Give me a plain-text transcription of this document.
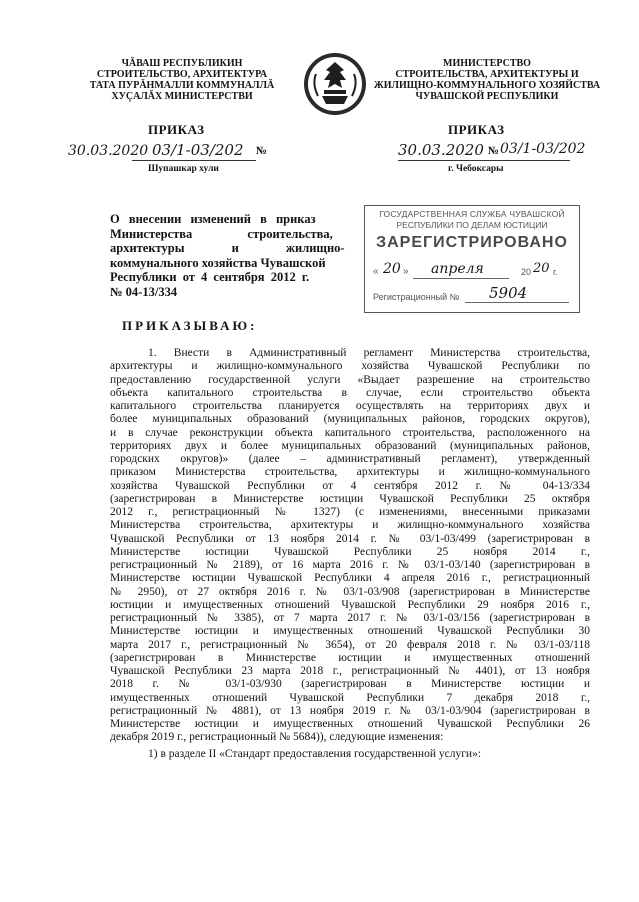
ЧĂВАШ РЕСПУБЛИКИН
СТРОИТЕЛЬСТВО, АРХИТЕКТУРА
ТАТА ПУРĂНМАЛЛИ КОММУНАЛЛĂ
ХУÇАЛĂХ МИНИСТЕРСТВИ
МИНИСТЕРСТВО
СТРОИТЕЛЬСТВА, АРХИТЕКТУРЫ И
ЖИЛИЩНО-КОММУНАЛЬНОГО ХОЗЯЙСТВА
ЧУВАШСКОЙ РЕСПУБЛИКИ
ПРИКАЗ	ПРИКАЗ
30.03.2020 03/1-03/202 №
Шупашкар хули
30.03.2020 № 03/1-03/202
г. Чебоксары
О внесении изменений в приказ
Министерства строительства,
архитектуры и жилищно-
коммунального хозяйства Чувашской
Республики от 4 сентября 2012 г.
№ 04-13/334
ГОСУДАРСТВЕННАЯ СЛУЖБА ЧУВАШСКОЙ
РЕСПУБЛИКИ ПО ДЕЛАМ ЮСТИЦИИ
ЗАРЕГИСТРИРОВАНО
« 20 » апреля	20 20 г.
Регистрационный № 5904
ПРИКАЗЫВАЮ:
1. Внести в Административный регламент Министерства строительства,
архитектуры и жилищно-коммунального хозяйства Чувашской Республики по
предоставлению государственной услуги «Выдает разрешение на строительство
объекта капитального строительства в случае, если строительство объекта
капитального строительства планируется осуществлять на территориях двух и
более муниципальных образований (муниципальных районов, городских округов),
и в случае реконструкции объекта капитального строительства, расположенного на
территориях двух и более муниципальных образований (муниципальных районов,
городских округов)» (далее – административный регламент), утвержденный
приказом Министерства строительства, архитектуры и жилищно-коммунального
хозяйства Чувашской Республики от 4 сентября 2012 г. № 04-13/334
(зарегистрирован в Министерстве юстиции Чувашской Республики 25 октября
2012 г., регистрационный № 1327) (с изменениями, внесенными приказами
Министерства строительства, архитектуры и жилищно-коммунального хозяйства
Чувашской Республики от 13 ноября 2014 г. № 03/1-03/499 (зарегистрирован в
Министерстве юстиции Чувашской Республики 25 ноября 2014 г.,
регистрационный № 2189), от 16 марта 2016 г. № 03/1-03/140 (зарегистрирован в
Министерстве юстиции Чувашской Республики 4 апреля 2016 г., регистрационный
№ 2950), от 27 октября 2016 г. № 03/1-03/908 (зарегистрирован в Министерстве
юстиции и имущественных отношений Чувашской Республики 29 ноября 2016 г.,
регистрационный № 3385), от 7 марта 2017 г. № 03/1-03/156 (зарегистрирован в
Министерстве юстиции и имущественных отношений Чувашской Республики 30
марта 2017 г., регистрационный № 3654), от 20 февраля 2018 г. № 03/1-03/118
(зарегистрирован в Министерстве юстиции и имущественных отношений
Чувашской Республики 23 марта 2018 г., регистрационный № 4401), от 13 ноября
2018 г. № 03/1-03/930 (зарегистрирован в Министерстве юстиции и
имущественных отношений Чувашской Республики 7 декабря 2018 г.,
регистрационный № 4881), от 13 ноября 2019 г. № 03/1-03/904 (зарегистрирован в
Министерстве юстиции и имущественных отношений Чувашской Республики 26
декабря 2019 г., регистрационный № 5684)), следующие изменения:
1) в разделе II «Стандарт предоставления государственной услуги»:
